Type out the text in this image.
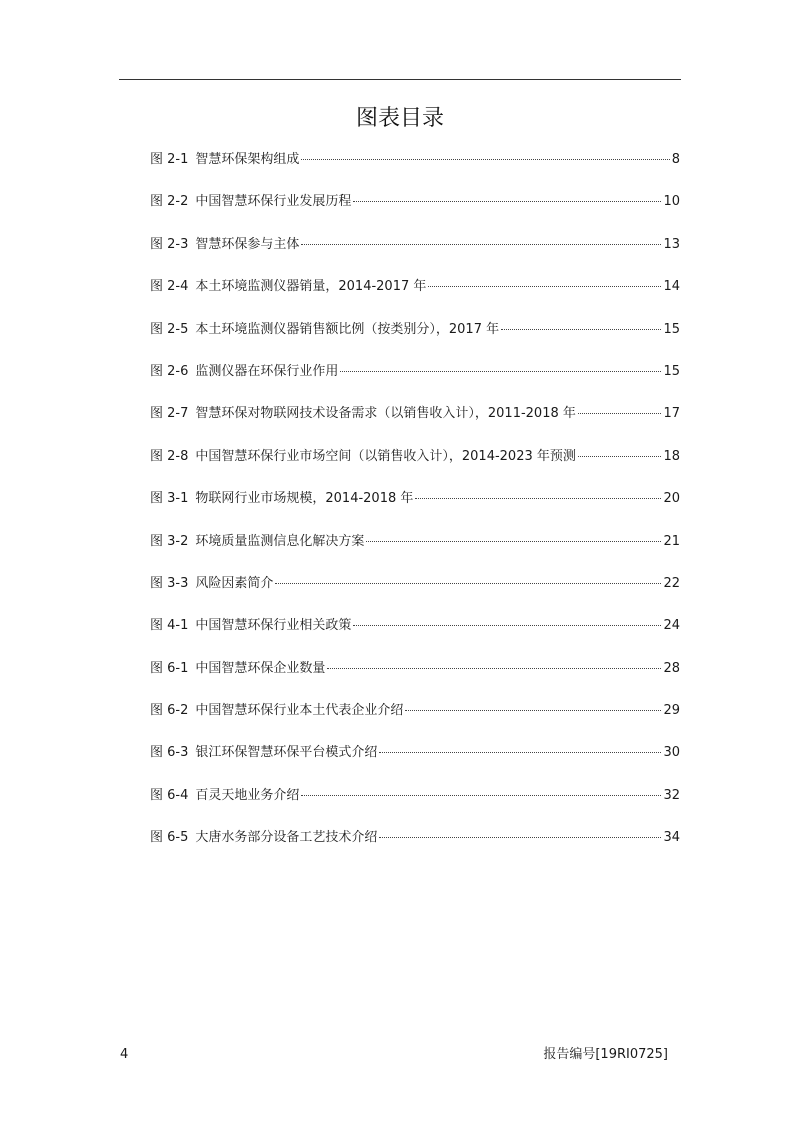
图表目录
图 2-1 智慧环保架构组成	8
图 2-2 中国智慧环保行业发展历程	10
图 2-3 智慧环保参与主体	13
图 2-4 本土环境监测仪器销量，2014-2017 年	14
图 2-5 本土环境监测仪器销售额比例（按类别分），2017 年	15
图 2-6 监测仪器在环保行业作用	15
图 2-7 智慧环保对物联网技术设备需求（以销售收入计），2011-2018 年	17
图 2-8 中国智慧环保行业市场空间（以销售收入计），2014-2023 年预测	18
图 3-1 物联网行业市场规模，2014-2018 年	20
图 3-2 环境质量监测信息化解决方案	21
图 3-3 风险因素简介	22
图 4-1 中国智慧环保行业相关政策	24
图 6-1 中国智慧环保企业数量	28
图 6-2 中国智慧环保行业本土代表企业介绍	29
图 6-3 银江环保智慧环保平台模式介绍	30
图 6-4 百灵天地业务介绍	32
图 6-5 大唐水务部分设备工艺技术介绍	34
4	报告编号[19RI0725]
